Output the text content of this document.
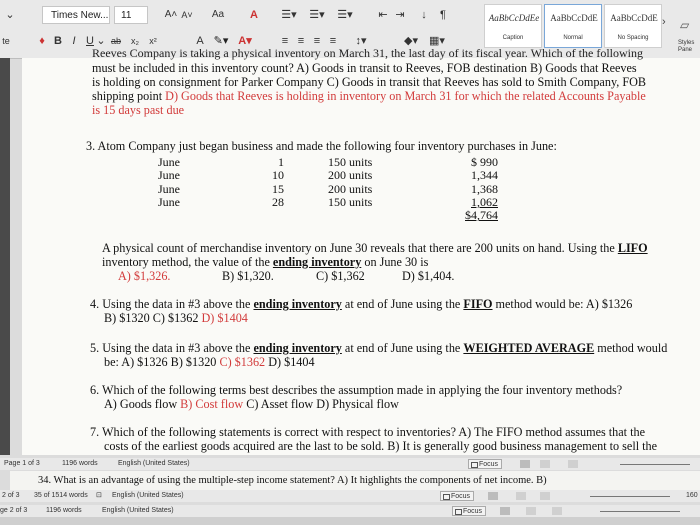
⌄	Times New...	11	A˄ A˅	Aa	A	☰▾	☰▾	☰▾	⇤ ⇥	↓	¶
te	♦ B I U ⌄ ab	x₂	x²	A ✎▾ A▾	≡ ≡ ≡ ≡	↕▾	◆▾	▦▾
AaBbCcDdEe
Caption
AaBbCcDdE
Normal
AaBbCcDdE
No Spacing
› ▱
Styles Pane
Reeves Company is taking a physical inventory on March 31, the last day of its fiscal year. Which of the following
must be included in this inventory count? A) Goods in transit to Reeves, FOB destination B) Goods that Reeves
is holding on consignment for Parker Company C) Goods in transit that Reeves has sold to Smith Company, FOB
shipping point D) Goods that Reeves is holding in inventory on March 31 for which the related Accounts Payable
is 15 days past due
3. Atom Company just began business and made the following four inventory purchases in June:
June	1	150 units	$ 990
June	10	200 units	1,344
June	15	200 units	1,368
June	28	150 units	1,062
			$4,764
A physical count of merchandise inventory on June 30 reveals that there are 200 units on hand. Using the LIFO
inventory method, the value of the ending inventory on June 30 is
A) $1,326.	B) $1,320.	C) $1,362	D) $1,404.
4. Using the data in #3 above the ending inventory at end of June using the FIFO method would be: A) $1326
B) $1320 C) $1362 D) $1404
5. Using the data in #3 above the ending inventory at end of June using the WEIGHTED AVERAGE method would
be: A) $1326 B) $1320 C) $1362 D) $1404
6. Which of the following terms best describes the assumption made in applying the four inventory methods?
A) Goods flow B) Cost flow C) Asset flow D) Physical flow
7. Which of the following statements is correct with respect to inventories? A) The FIFO method assumes that the
costs of the earliest goods acquired are the last to be sold. B) It is generally good business management to sell the
Page 1 of 3	1196 words	English (United States)	Focus
34. What is an advantage of using the multiple-step income statement? A) It highlights the components of net income. B)
2 of 3 35 of 1514 words ⊡ English (United States)	Focus	160
ge 2 of 3	1196 words	English (United States)	Focus
